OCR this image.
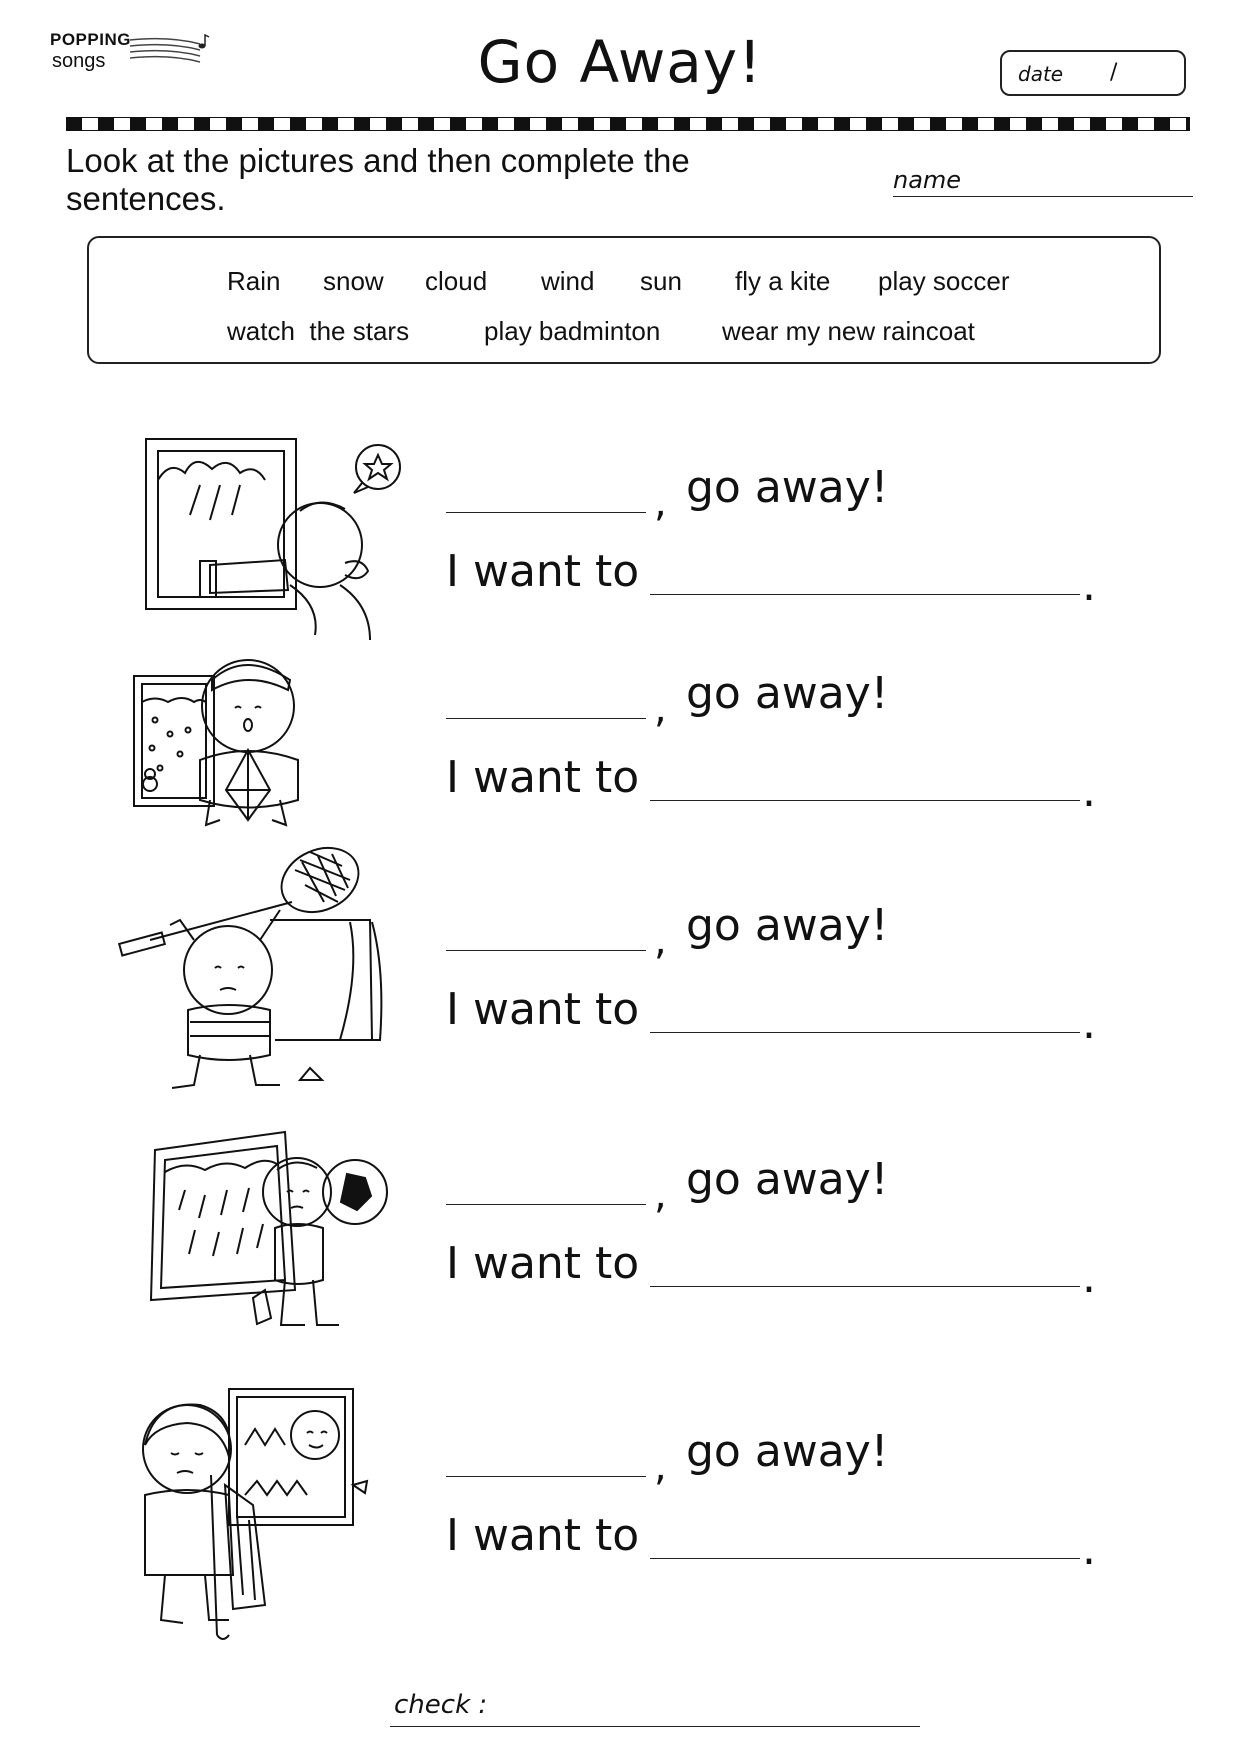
POPPING
songs	Go Away!	date /
Look at the pictures and then complete the sentences.	name
Rain snow cloud wind sun fly a kite play soccer
watch  the stars	play badminton wear my new raincoat
, go away!
I want to	.
, go away!
I want to	.
, go away!
I want to	.
, go away!
I want to	.
, go away!
I want to	.
check :
